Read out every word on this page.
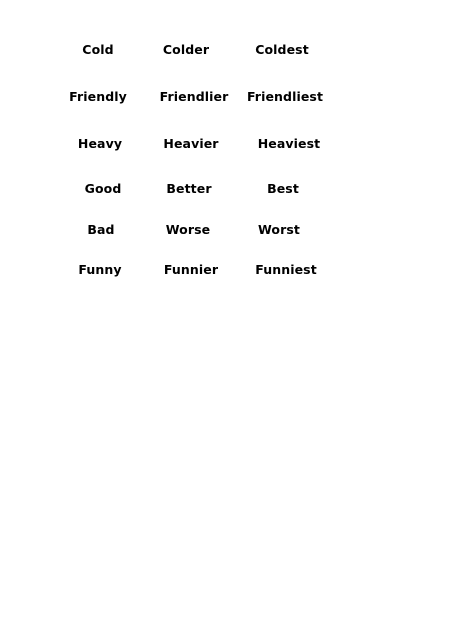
Cold	Colder	Coldest
Friendly	Friendlier Friendliest
Heavy	Heavier	Heaviest
Good	Better	Best
Bad	Worse	Worst
Funny	Funnier	Funniest
